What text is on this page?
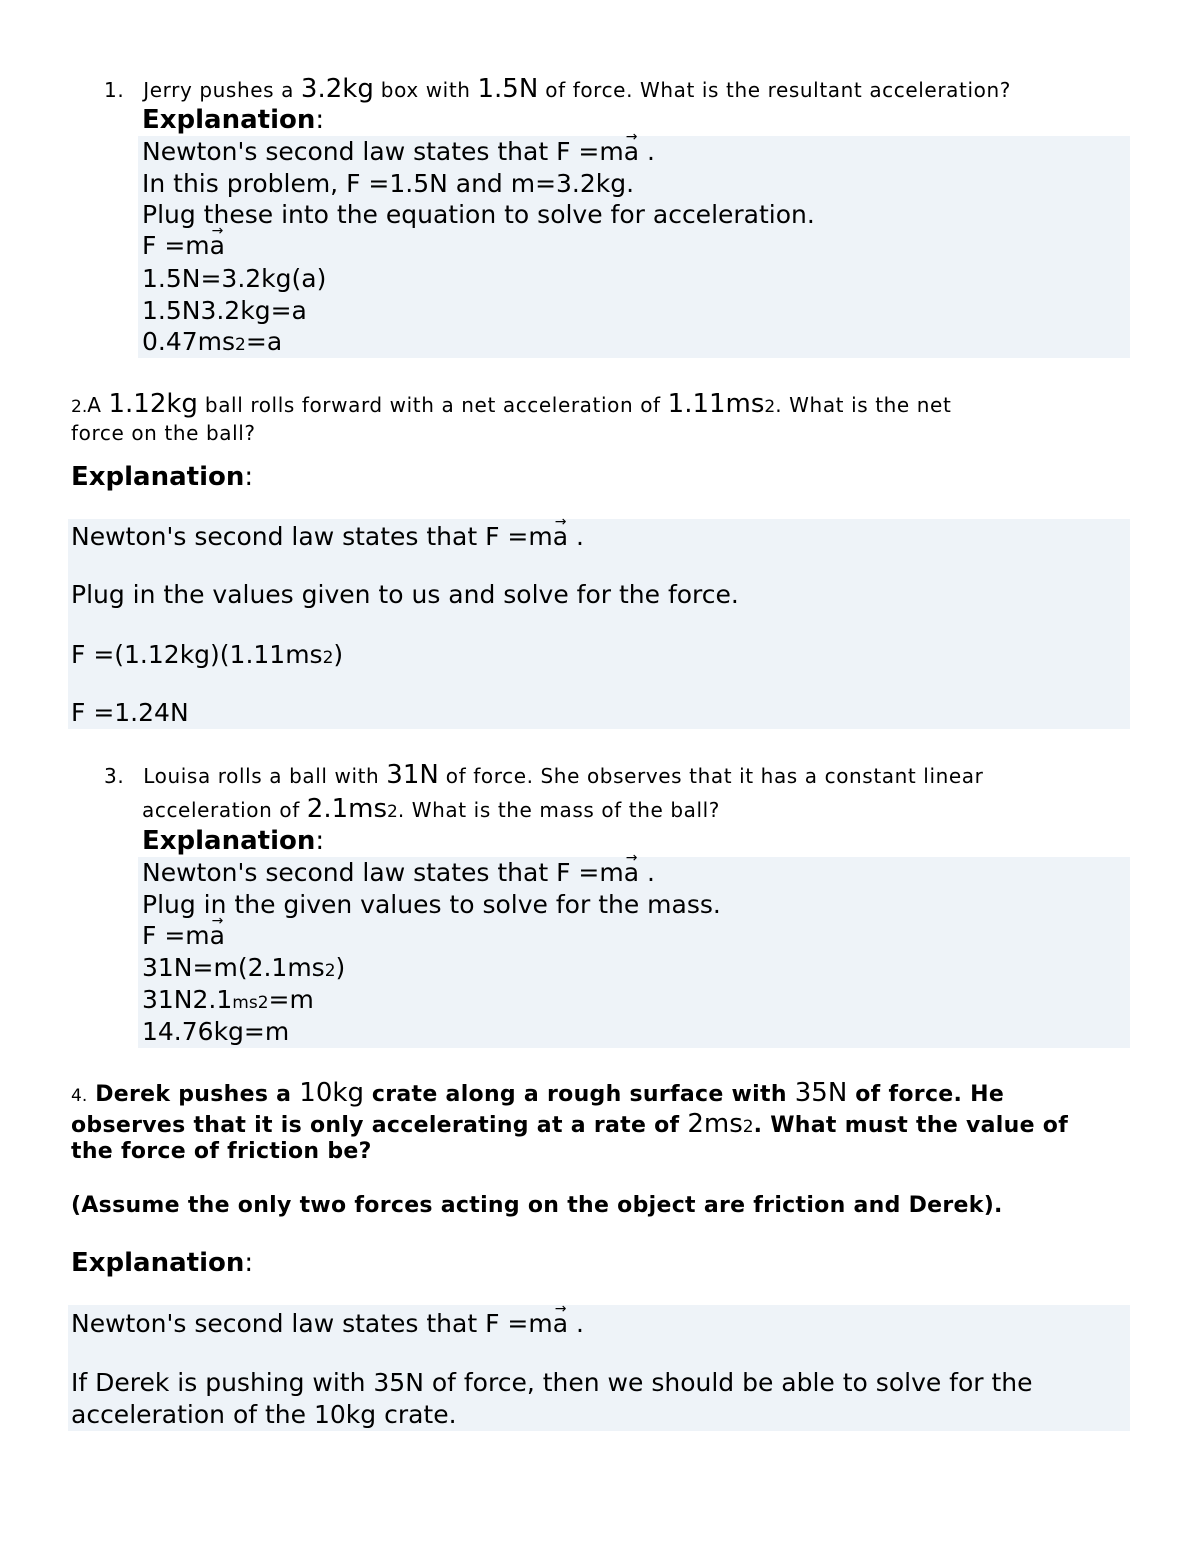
1. Jerry pushes a 3.2kg box with 1.5N of force. What is the resultant acceleration?
Explanation:
Newton's second law states that F =ma → .
In this problem, F =1.5N and m=3.2kg.
Plug these into the equation to solve for acceleration.
F =ma →
1.5N=3.2kg(a)
1.5N3.2kg=a
0.47ms2=a
2.A 1.12kg ball rolls forward with a net acceleration of 1.11ms2. What is the net
force on the ball?
Explanation:
Newton's second law states that F =ma → .
Plug in the values given to us and solve for the force.
F =(1.12kg)(1.11ms2)
F =1.24N
3. Louisa rolls a ball with 31N of force. She observes that it has a constant linear
acceleration of 2.1ms2. What is the mass of the ball?
Explanation:
Newton's second law states that F =ma → .
Plug in the given values to solve for the mass.
F =ma →
31N=m(2.1ms2)
31N2.1ms2=m
14.76kg=m
4. Derek pushes a 10kg crate along a rough surface with 35N of force. He
observes that it is only accelerating at a rate of 2ms2. What must the value of
the force of friction be?
(Assume the only two forces acting on the object are friction and Derek).
Explanation:
Newton's second law states that F =ma → .
If Derek is pushing with 35N of force, then we should be able to solve for the
acceleration of the 10kg crate.
